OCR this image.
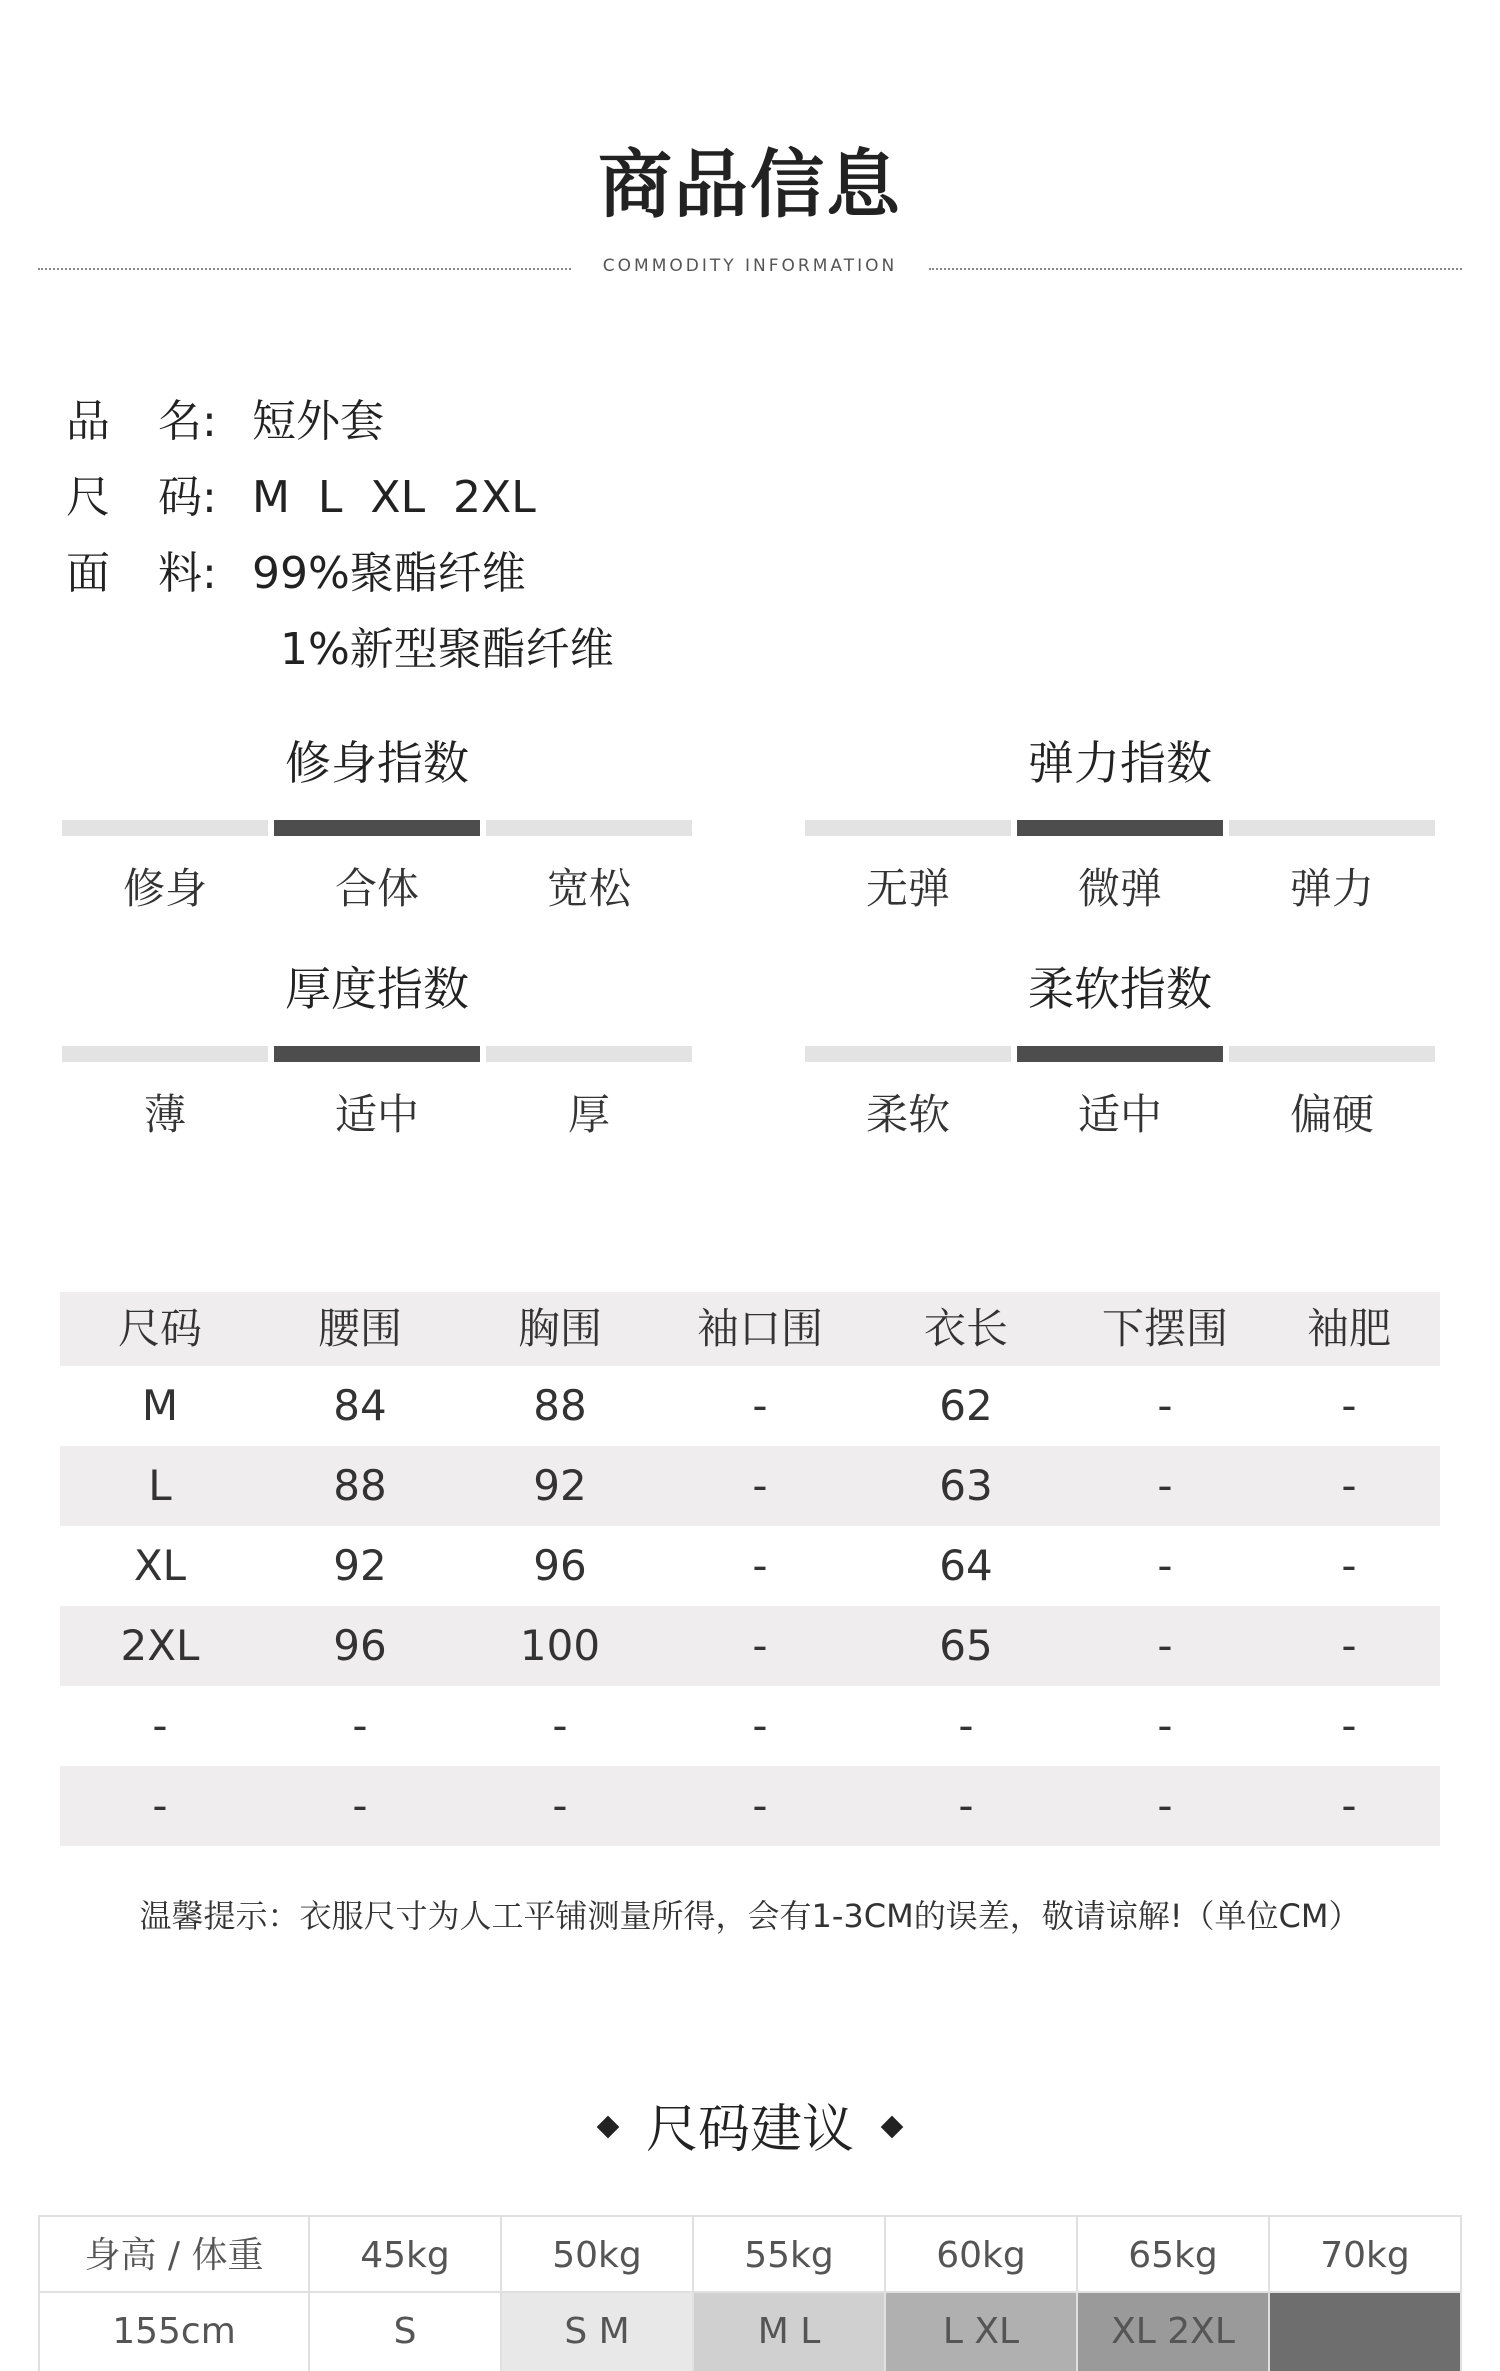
商品信息
COMMODITY INFORMATION
品 名: 短外套
尺 码: M  L  XL  2XL
面 料: 99%聚酯纤维
1%新型聚酯纤维
修身指数
修身	合体	宽松
弹力指数
无弹	微弹	弹力
厚度指数
薄	适中	厚
柔软指数
柔软	适中	偏硬
尺码	腰围	胸围	袖口围	衣长	下摆围	袖肥
M	84	88	-	62	-	-
L	88	92	-	63	-	-
XL	92	96	-	64	-	-
2XL	96	100	-	65	-	-
-	-	-	-	-	-	-
-	-	-	-	-	-	-
温馨提示：衣服尺寸为人工平铺测量所得，会有1-3CM的误差，敬请谅解!（单位CM）
尺码建议
身高 / 体重	45kg	50kg	55kg	60kg	65kg	70kg
155cm	S	S M	M L	L XL	XL 2XL
